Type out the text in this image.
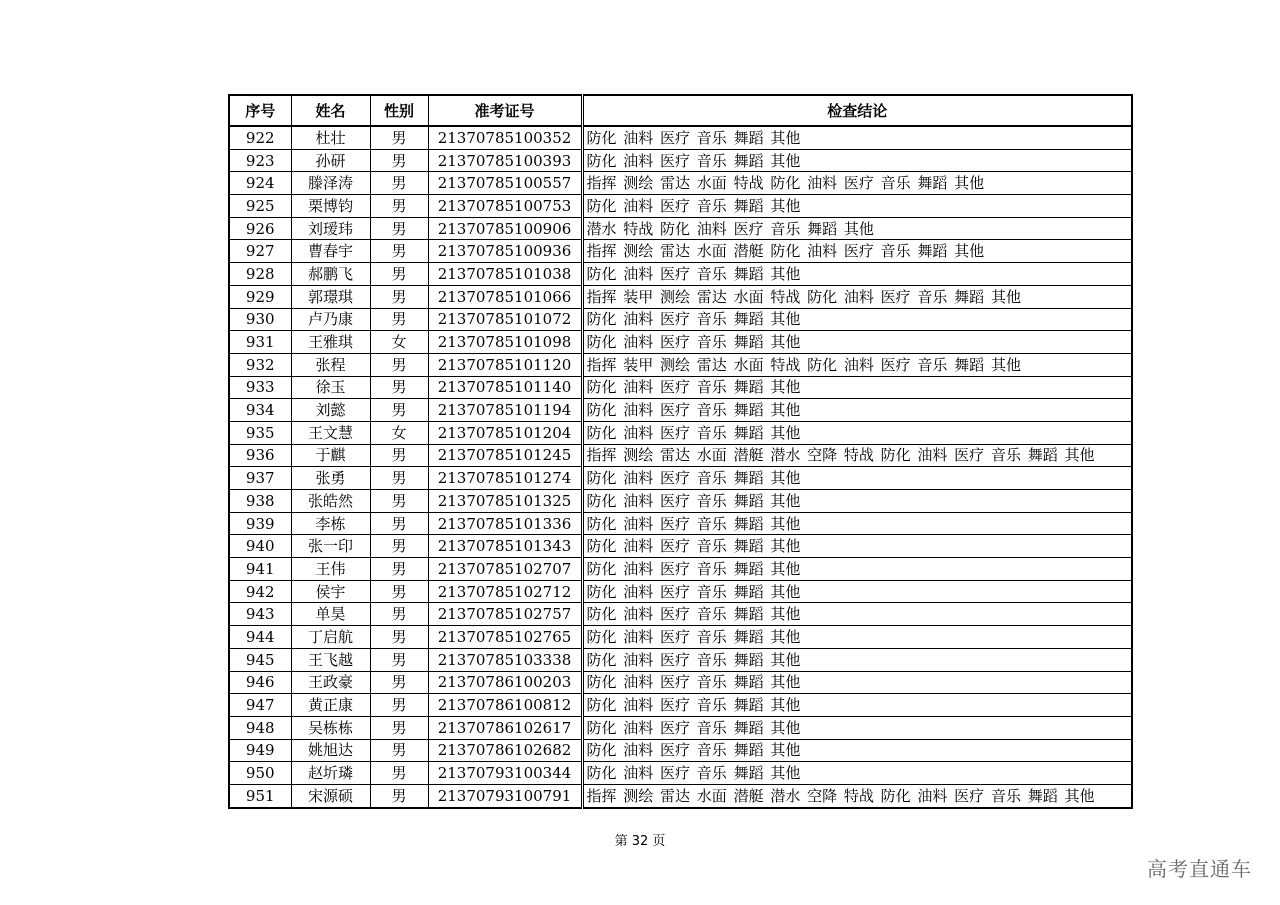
序号	姓名	性别	准考证号	检查结论
922	杜壮	男	21370785100352	防化 油料 医疗 音乐 舞蹈 其他
923	孙研	男	21370785100393	防化 油料 医疗 音乐 舞蹈 其他
924	滕泽涛	男	21370785100557	指挥 测绘 雷达 水面 特战 防化 油料 医疗 音乐 舞蹈 其他
925	栗博钧	男	21370785100753	防化 油料 医疗 音乐 舞蹈 其他
926	刘瑷玮	男	21370785100906	潜水 特战 防化 油料 医疗 音乐 舞蹈 其他
927	曹春宇	男	21370785100936	指挥 测绘 雷达 水面 潜艇 防化 油料 医疗 音乐 舞蹈 其他
928	郝鹏飞	男	21370785101038	防化 油料 医疗 音乐 舞蹈 其他
929	郭璟琪	男	21370785101066	指挥 装甲 测绘 雷达 水面 特战 防化 油料 医疗 音乐 舞蹈 其他
930	卢乃康	男	21370785101072	防化 油料 医疗 音乐 舞蹈 其他
931	王雅琪	女	21370785101098	防化 油料 医疗 音乐 舞蹈 其他
932	张程	男	21370785101120	指挥 装甲 测绘 雷达 水面 特战 防化 油料 医疗 音乐 舞蹈 其他
933	徐玉	男	21370785101140	防化 油料 医疗 音乐 舞蹈 其他
934	刘懿	男	21370785101194	防化 油料 医疗 音乐 舞蹈 其他
935	王文慧	女	21370785101204	防化 油料 医疗 音乐 舞蹈 其他
936	于麒	男	21370785101245	指挥 测绘 雷达 水面 潜艇 潜水 空降 特战 防化 油料 医疗 音乐 舞蹈 其他
937	张勇	男	21370785101274	防化 油料 医疗 音乐 舞蹈 其他
938	张皓然	男	21370785101325	防化 油料 医疗 音乐 舞蹈 其他
939	李栋	男	21370785101336	防化 油料 医疗 音乐 舞蹈 其他
940	张一印	男	21370785101343	防化 油料 医疗 音乐 舞蹈 其他
941	王伟	男	21370785102707	防化 油料 医疗 音乐 舞蹈 其他
942	侯宇	男	21370785102712	防化 油料 医疗 音乐 舞蹈 其他
943	单昊	男	21370785102757	防化 油料 医疗 音乐 舞蹈 其他
944	丁启航	男	21370785102765	防化 油料 医疗 音乐 舞蹈 其他
945	王飞越	男	21370785103338	防化 油料 医疗 音乐 舞蹈 其他
946	王政豪	男	21370786100203	防化 油料 医疗 音乐 舞蹈 其他
947	黄正康	男	21370786100812	防化 油料 医疗 音乐 舞蹈 其他
948	吴栋栋	男	21370786102617	防化 油料 医疗 音乐 舞蹈 其他
949	姚旭达	男	21370786102682	防化 油料 医疗 音乐 舞蹈 其他
950	赵圻璘	男	21370793100344	防化 油料 医疗 音乐 舞蹈 其他
951	宋源硕	男	21370793100791	指挥 测绘 雷达 水面 潜艇 潜水 空降 特战 防化 油料 医疗 音乐 舞蹈 其他
第 32 页
高考直通车
